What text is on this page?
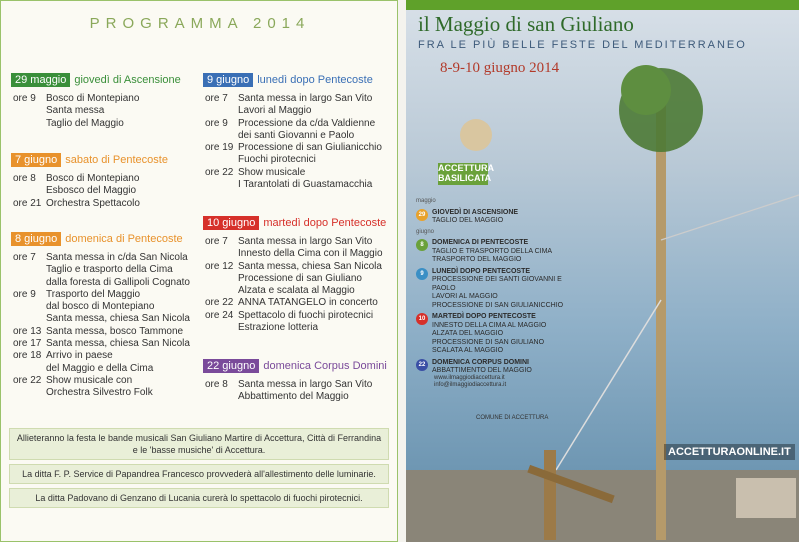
PROGRAMMA 2014
29 maggio giovedì di Ascensione
ore 9	Bosco di Montepiano
Santa messa
Taglio del Maggio
7 giugno sabato di Pentecoste
ore 8	Bosco di Montepiano
Esbosco del Maggio
ore 21 Orchestra Spettacolo
8 giugno domenica di Pentecoste
ore 7	Santa messa in c/da San Nicola
Taglio e trasporto della Cima
dalla foresta di Gallipoli Cognato
ore 9	Trasporto del Maggio
dal bosco di Montepiano
Santa messa, chiesa San Nicola
ore 13 Santa messa, bosco Tammone
ore 17 Santa messa, chiesa San Nicola
ore 18 Arrivo in paese
del Maggio e della Cima
ore 22 Show musicale con
Orchestra Silvestro Folk
9 giugno lunedì dopo Pentecoste
ore 7	Santa messa in largo San Vito
Lavori al Maggio
ore 9	Processione da c/da Valdienne
dei santi Giovanni e Paolo
ore 19 Processione di san Giulianicchio
Fuochi pirotecnici
ore 22 Show musicale
I Tarantolati di Guastamacchia
10 giugno martedì dopo Pentecoste
ore 7	Santa messa in largo San Vito
Innesto della Cima con il Maggio
ore 12 Santa messa, chiesa San Nicola
Processione di san Giuliano
Alzata e scalata al Maggio
ore 22 ANNA TATANGELO in concerto
ore 24 Spettacolo di fuochi pirotecnici
Estrazione lotteria
22 giugno domenica Corpus Domini
ore 8	Santa messa in largo San Vito
Abbattimento del Maggio
Allieteranno la festa le bande musicali San Giuliano Martire di Accettura, Città di Ferrandina e le 'basse musiche' di Accettura.
La ditta F. P. Service di Papandrea Francesco provvederà all'allestimento delle luminarie.
La ditta Padovano di Genzano di Lucania curerà lo spettacolo di fuochi pirotecnici.
il Maggio di san Giuliano
FRA LE PIÙ BELLE FESTE DEL MEDITERRANEO
8-9-10 giugno 2014
ACCETTURA BASILICATA
maggio
29 GIOVEDÌ DI ASCENSIONE
TAGLIO DEL MAGGIO
giugno
8	DOMENICA DI PENTECOSTE
TAGLIO E TRASPORTO DELLA CIMA
TRASPORTO DEL MAGGIO
9	LUNEDÌ DOPO PENTECOSTE
PROCESSIONE DEI SANTI GIOVANNI E PAOLO
LAVORI AL MAGGIO
PROCESSIONE DI SAN GIULIANICCHIO
10 MARTEDÌ DOPO PENTECOSTE
INNESTO DELLA CIMA AL MAGGIO
ALZATA DEL MAGGIO
PROCESSIONE DI SAN GIULIANO
SCALATA AL MAGGIO
22 DOMENICA CORPUS DOMINI
ABBATTIMENTO DEL MAGGIO
www.ilmaggiodiaccettura.it
info@ilmaggiodiaccettura.it
COMUNE DI ACCETTURA
ACCETTURAONLINE.IT
